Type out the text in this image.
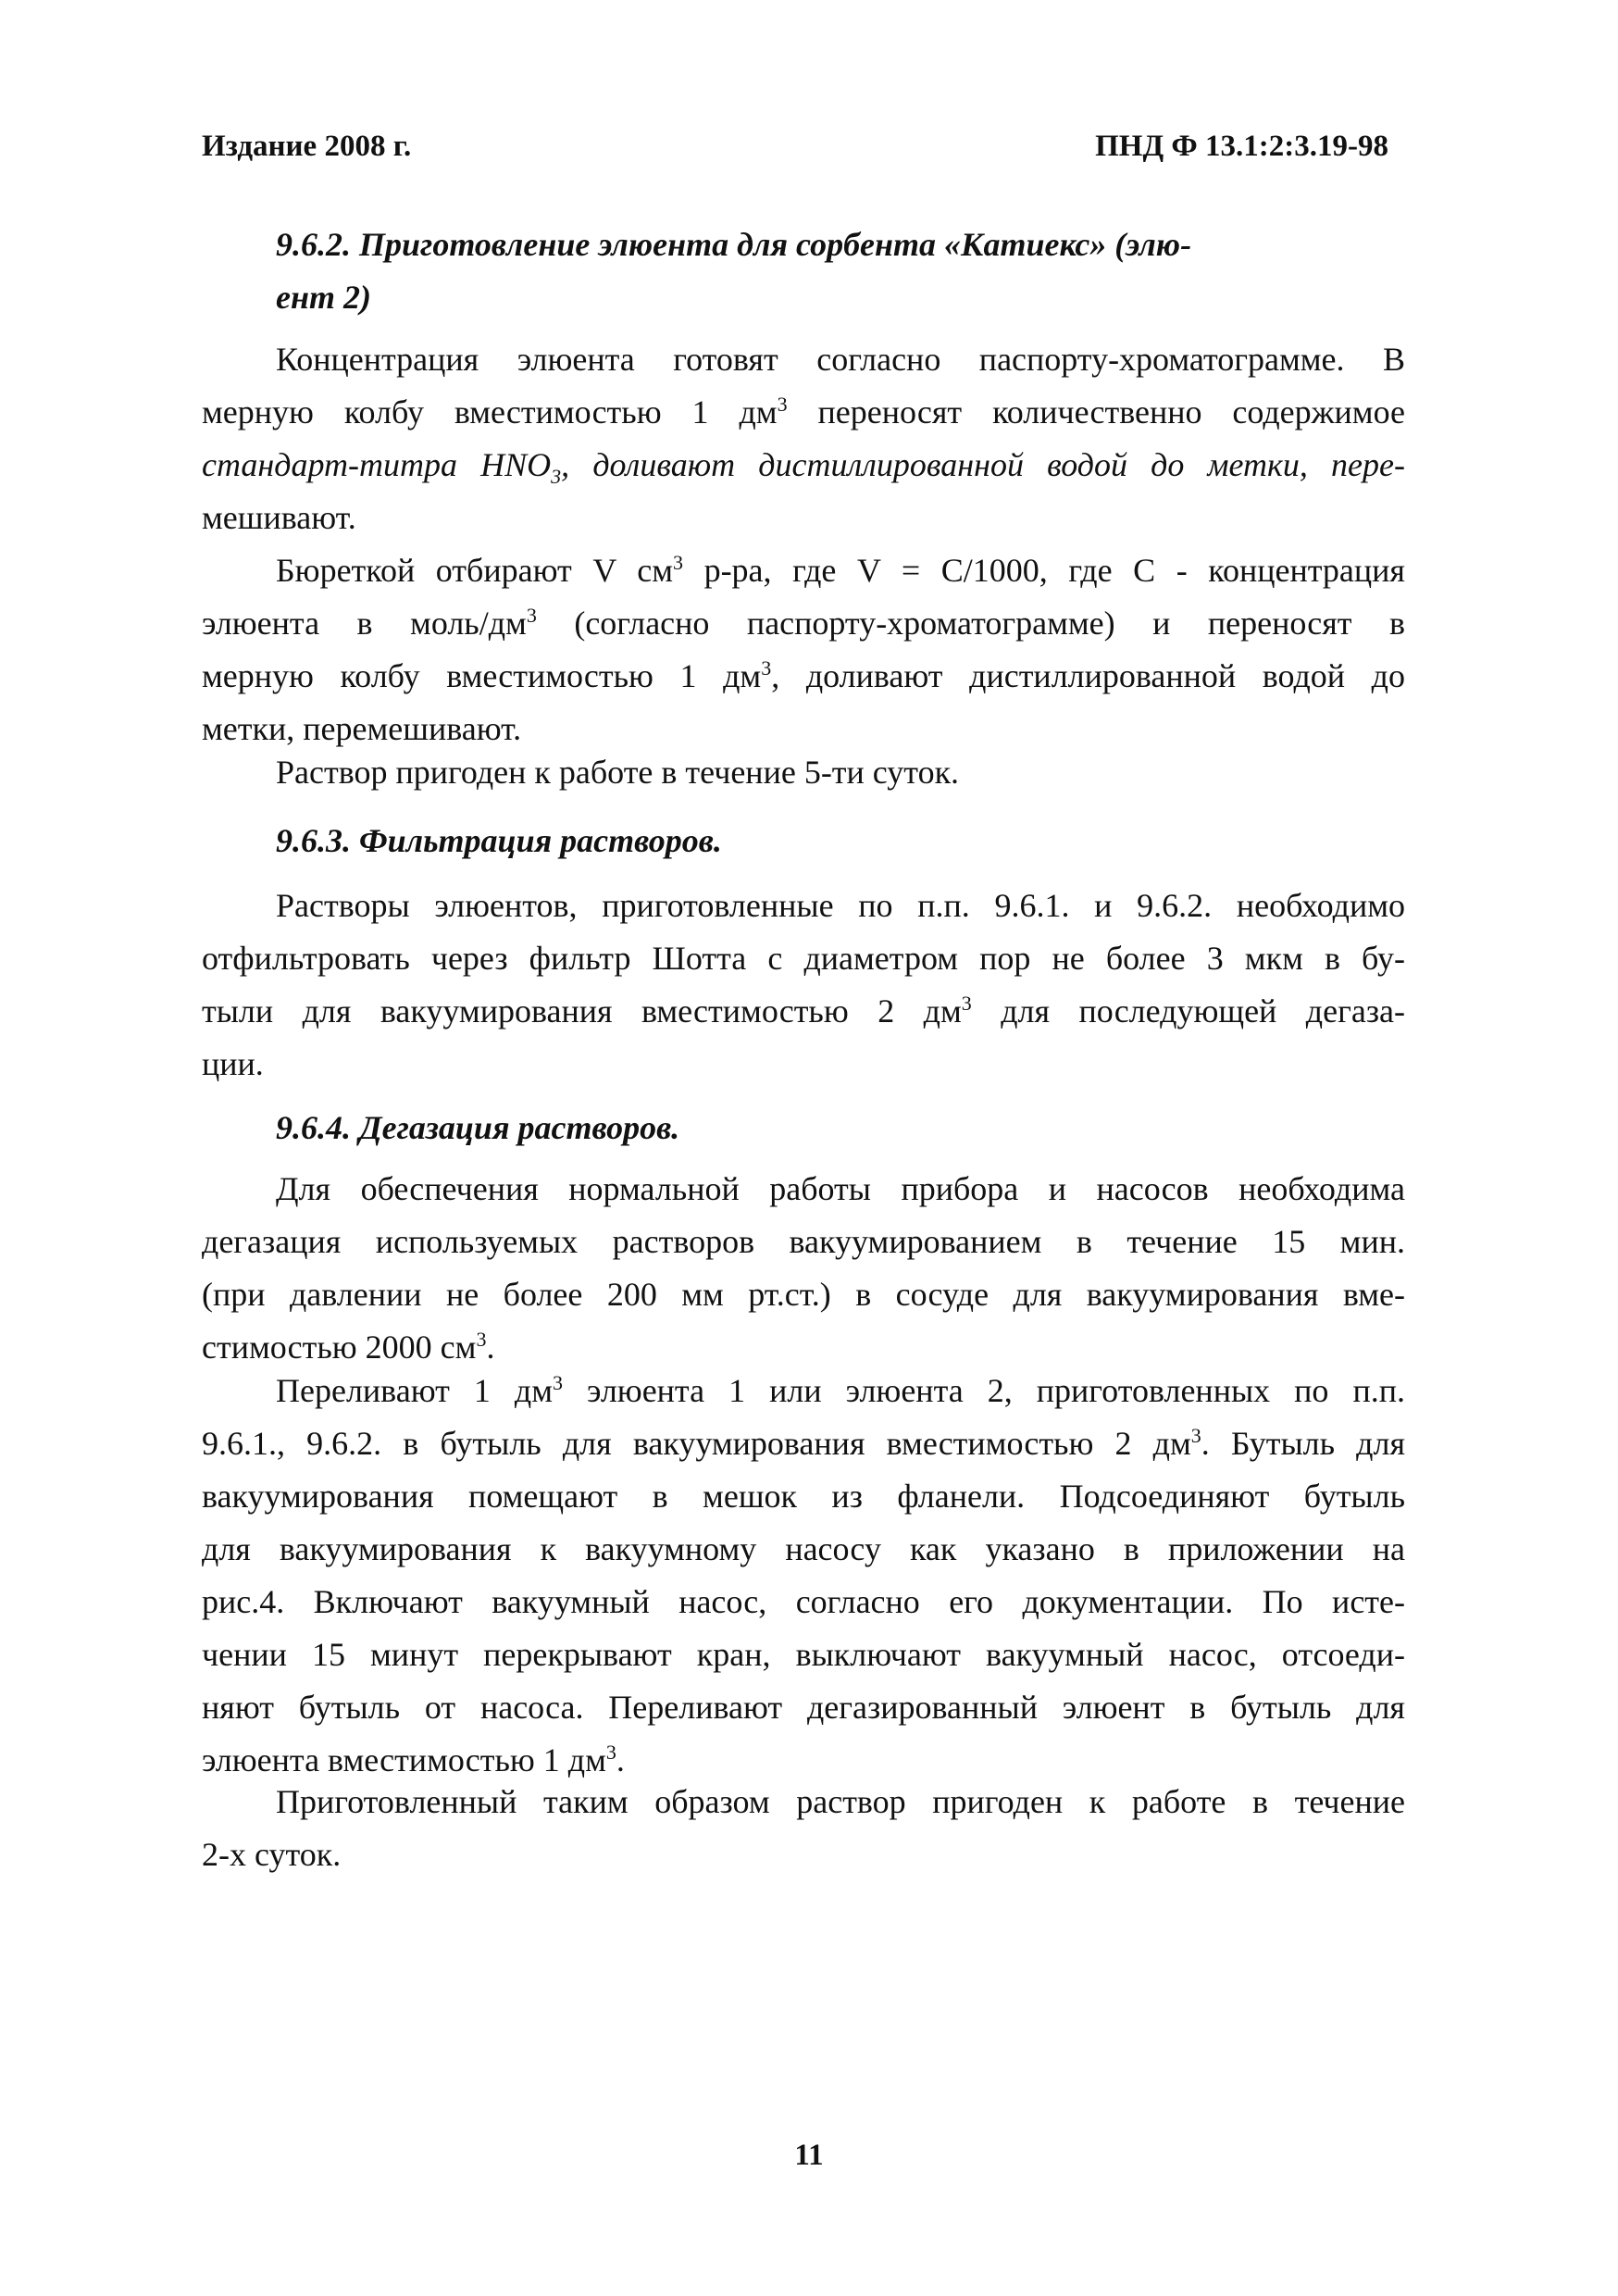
Издание 2008 г.	ПНД Ф 13.1:2:3.19-98
9.6.2. Приготовление элюента для сорбента «Катиекс» (элю-
ент 2)
Концентрация элюента готовят согласно паспорту-хроматограмме. В
мерную колбу вместимостью 1 $дм^3$ переносят количественно содержимое
стандарт-титра $HNO_3$, доливают дистиллированной водой до метки, пере-
мешивают.
Бюреткой отбирают V $см^3$ р-ра, где V = C/1000, где C - концентрация
элюента в моль/$дм^3$ (согласно паспорту-хроматограмме) и переносят в
мерную колбу вместимостью 1 $дм^3$, доливают дистиллированной водой до
метки, перемешивают.
Раствор пригоден к работе в течение 5-ти суток.
9.6.3. Фильтрация растворов.
Растворы элюентов, приготовленные по п.п. 9.6.1. и 9.6.2. необходимо
отфильтровать через фильтр Шотта с диаметром пор не более 3 мкм в бу-
тыли для вакуумирования вместимостью 2 $дм^3$ для последующей дегаза-
ции.
9.6.4. Дегазация растворов.
Для обеспечения нормальной работы прибора и насосов необходима
дегазация используемых растворов вакуумированием в течение 15 мин.
(при давлении не более 200 мм рт.ст.) в сосуде для вакуумирования вме-
стимостью 2000 $см^3$.
Переливают 1 $дм^3$ элюента 1 или элюента 2, приготовленных по п.п.
9.6.1., 9.6.2. в бутыль для вакуумирования вместимостью 2 $дм^3$. Бутыль для
вакуумирования помещают в мешок из фланели. Подсоединяют бутыль
для вакуумирования к вакуумному насосу как указано в приложении на
рис.4. Включают вакуумный насос, согласно его документации. По исте-
чении 15 минут перекрывают кран, выключают вакуумный насос, отсоеди-
няют бутыль от насоса. Переливают дегазированный элюент в бутыль для
элюента вместимостью 1 $дм^3$.
Приготовленный таким образом раствор пригоден к работе в течение
2-х суток.
11
